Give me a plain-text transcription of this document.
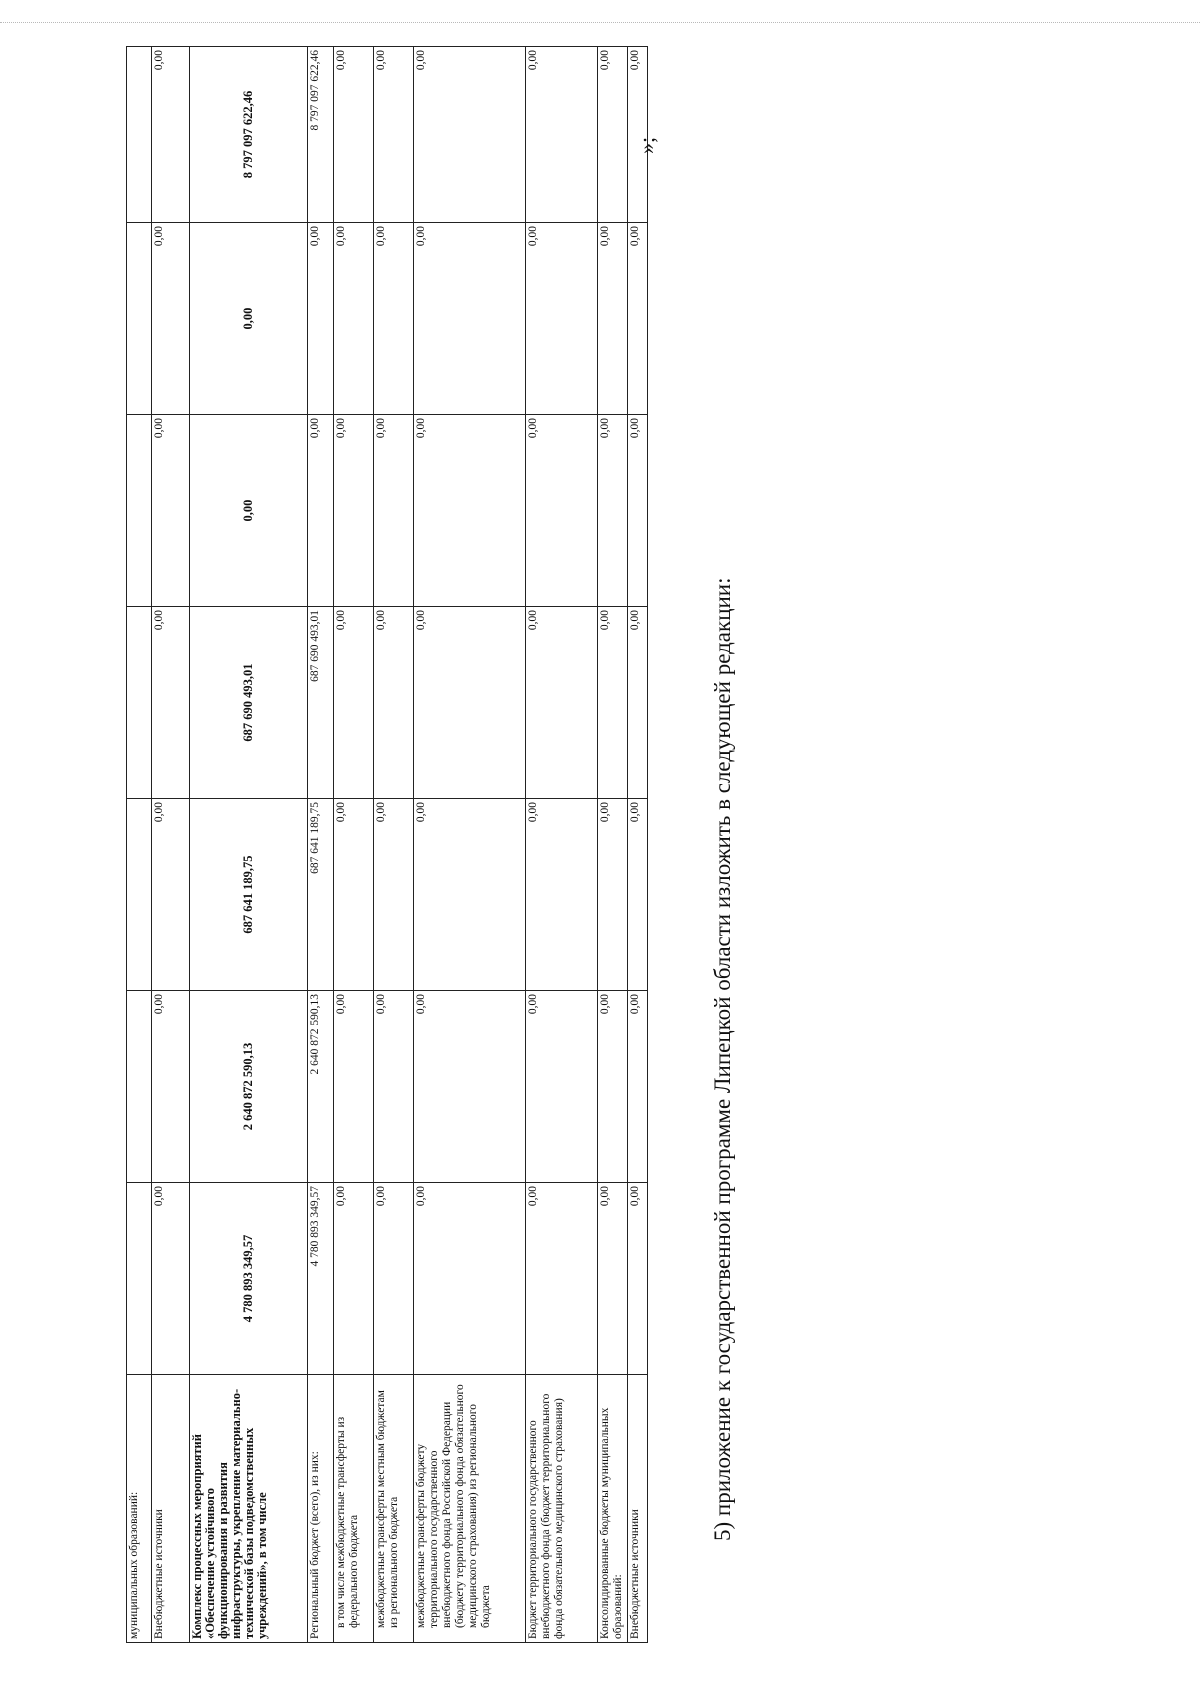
муниципальных образований:							
Внебюджетные источники	0,00	0,00	0,00	0,00	0,00	0,00	0,00
Комплекс процессных мероприятий «Обеспечение устойчивого функционирования и развития инфраструктуры, укрепление материально-технической базы подведомственных учреждений», в том числе	4 780 893 349,57	2 640 872 590,13	687 641 189,75	687 690 493,01	0,00	0,00	8 797 097 622,46
Региональный бюджет (всего), из них:	4 780 893 349,57	2 640 872 590,13	687 641 189,75	687 690 493,01	0,00	0,00	8 797 097 622,46
в том числе межбюджетные трансферты из федерального бюджета	0,00	0,00	0,00	0,00	0,00	0,00	0,00
межбюджетные трансферты местным бюджетам из регионального бюджета	0,00	0,00	0,00	0,00	0,00	0,00	0,00
межбюджетные трансферты бюджету территориального государственного внебюджетного фонда Российской Федерации (бюджету территориального фонда обязательного медицинского страхования) из регионального бюджета	0,00	0,00	0,00	0,00	0,00	0,00	0,00
Бюджет территориального государственного внебюджетного фонда (бюджет территориального фонда обязательного медицинского страхования)	0,00	0,00	0,00	0,00	0,00	0,00	0,00
Консолидированные бюджеты муниципальных образований:	0,00	0,00	0,00	0,00	0,00	0,00	0,00
Внебюджетные источники	0,00	0,00	0,00	0,00	0,00	0,00	0,00
»;
5) приложение к государственной программе Липецкой области изложить в следующей редакции:
